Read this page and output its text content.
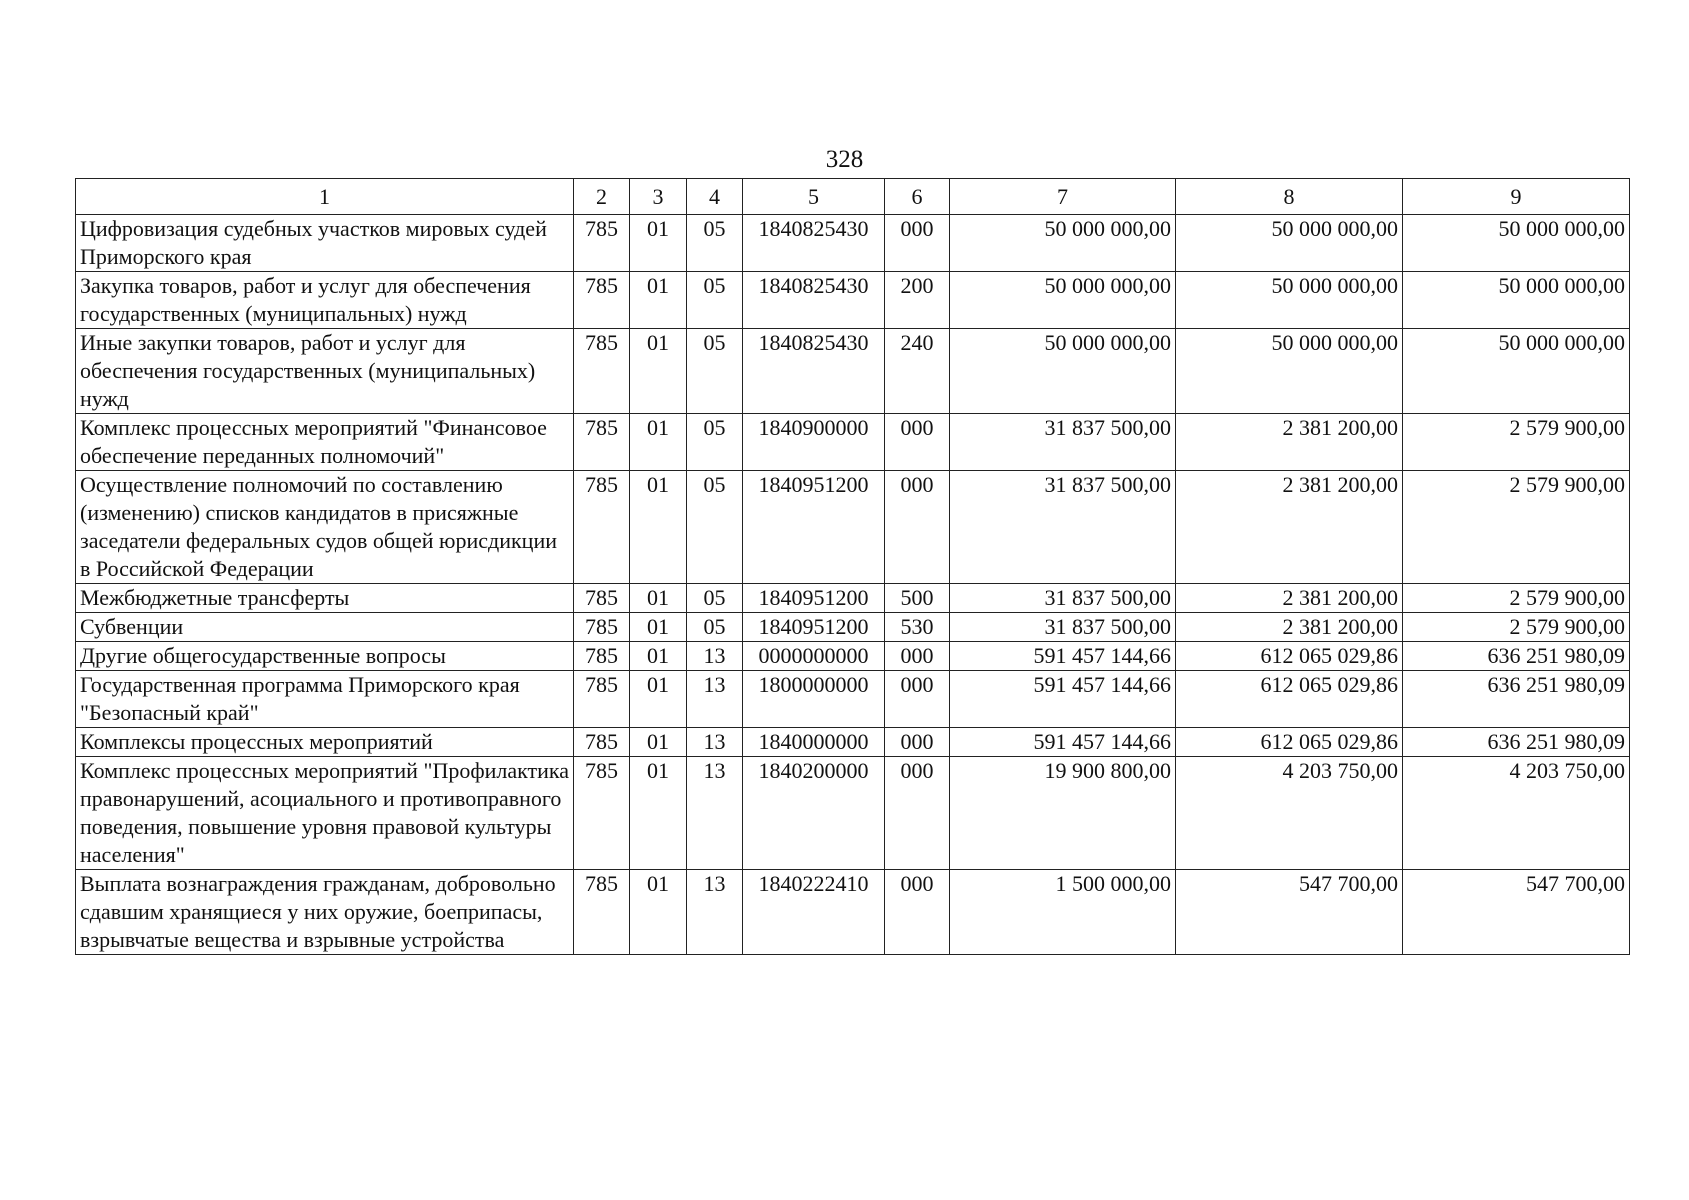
328
1	2	3	4	5	6	7	8	9
Цифровизация судебных участков мировых судей Приморского края	785	01	05	1840825430	000	50 000 000,00	50 000 000,00	50 000 000,00
Закупка товаров, работ и услуг для обеспечения государственных (муниципальных) нужд	785	01	05	1840825430	200	50 000 000,00	50 000 000,00	50 000 000,00
Иные закупки товаров, работ и услуг для обеспечения государственных (муниципальных) нужд	785	01	05	1840825430	240	50 000 000,00	50 000 000,00	50 000 000,00
Комплекс процессных мероприятий "Финансовое обеспечение переданных полномочий"	785	01	05	1840900000	000	31 837 500,00	2 381 200,00	2 579 900,00
Осуществление полномочий по составлению (изменению) списков кандидатов в присяжные заседатели федеральных судов общей юрисдикции в Российской Федерации	785	01	05	1840951200	000	31 837 500,00	2 381 200,00	2 579 900,00
Межбюджетные трансферты	785	01	05	1840951200	500	31 837 500,00	2 381 200,00	2 579 900,00
Субвенции	785	01	05	1840951200	530	31 837 500,00	2 381 200,00	2 579 900,00
Другие общегосударственные вопросы	785	01	13	0000000000	000	591 457 144,66	612 065 029,86	636 251 980,09
Государственная программа Приморского края "Безопасный край"	785	01	13	1800000000	000	591 457 144,66	612 065 029,86	636 251 980,09
Комплексы процессных мероприятий	785	01	13	1840000000	000	591 457 144,66	612 065 029,86	636 251 980,09
Комплекс процессных мероприятий "Профилактика правонарушений, асоциального и противоправного поведения, повышение уровня правовой культуры населения"	785	01	13	1840200000	000	19 900 800,00	4 203 750,00	4 203 750,00
Выплата вознаграждения гражданам, добровольно сдавшим хранящиеся у них оружие, боеприпасы, взрывчатые вещества и взрывные устройства	785	01	13	1840222410	000	1 500 000,00	547 700,00	547 700,00
